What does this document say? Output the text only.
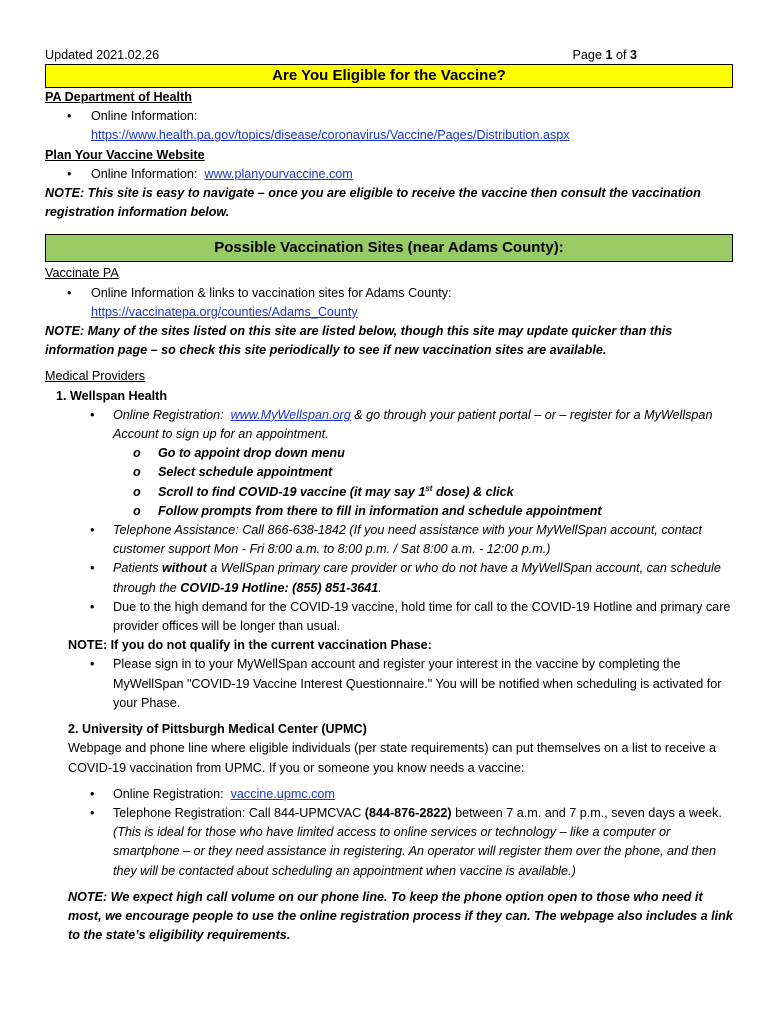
Updated 2021.02.26	Page 1 of 3
Are You Eligible for the Vaccine?
PA Department of Health
• Online Information:
https://www.health.pa.gov/topics/disease/coronavirus/Vaccine/Pages/Distribution.aspx
Plan Your Vaccine Website
• Online Information:  www.planyourvaccine.com
NOTE: This site is easy to navigate – once you are eligible to receive the vaccine then consult the vaccination registration information below.
Possible Vaccination Sites (near Adams County):
Vaccinate PA
• Online Information & links to vaccination sites for Adams County:
https://vaccinatepa.org/counties/Adams_County
NOTE: Many of the sites listed on this site are listed below, though this site may update quicker than this information page – so check this site periodically to see if new vaccination sites are available.
Medical Providers
1. Wellspan Health
• Online Registration:  www.MyWellspan.org & go through your patient portal – or – register for a MyWellspan Account to sign up for an appointment.
o Go to appoint drop down menu
o Select schedule appointment
o Scroll to find COVID-19 vaccine (it may say 1st dose) & click
o Follow prompts from there to fill in information and schedule appointment
• Telephone Assistance: Call 866-638-1842 (If you need assistance with your MyWellSpan account, contact customer support Mon - Fri 8:00 a.m. to 8:00 p.m. / Sat 8:00 a.m. - 12:00 p.m.)
• Patients without a WellSpan primary care provider or who do not have a MyWellSpan account, can schedule through the COVID-19 Hotline: (855) 851-3641.
• Due to the high demand for the COVID-19 vaccine, hold time for call to the COVID-19 Hotline and primary care provider offices will be longer than usual.
NOTE: If you do not qualify in the current vaccination Phase:
• Please sign in to your MyWellSpan account and register your interest in the vaccine by completing the MyWellSpan "COVID-19 Vaccine Interest Questionnaire." You will be notified when scheduling is activated for your Phase.
2. University of Pittsburgh Medical Center (UPMC)
Webpage and phone line where eligible individuals (per state requirements) can put themselves on a list to receive a COVID-19 vaccination from UPMC. If you or someone you know needs a vaccine:
• Online Registration:  vaccine.upmc.com
• Telephone Registration: Call 844-UPMCVAC (844-876-2822) between 7 a.m. and 7 p.m., seven days a week. (This is ideal for those who have limited access to online services or technology – like a computer or smartphone – or they need assistance in registering. An operator will register them over the phone, and then they will be contacted about scheduling an appointment when vaccine is available.)
NOTE: We expect high call volume on our phone line. To keep the phone option open to those who need it most, we encourage people to use the online registration process if they can. The webpage also includes a link to the state’s eligibility requirements.
